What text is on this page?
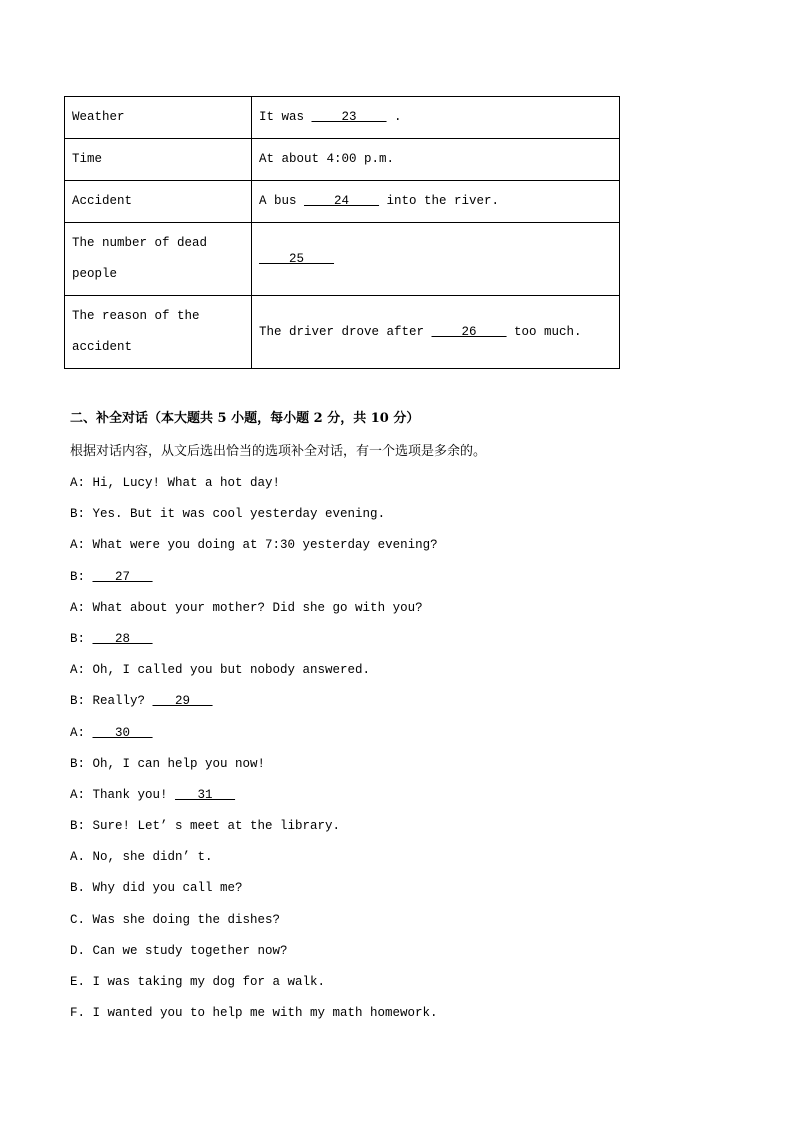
Weather	It was ____23____ .
Time	At about 4:00 p.m.
Accident	A bus ____24____ into the river.
The number of dead people	____25____
The reason of the accident	The driver drove after ____26____ too much.
二、补全对话（本大题共 5 小题，每小题 2 分，共 10 分）
根据对话内容，从文后选出恰当的选项补全对话，有一个选项是多余的。
A: Hi, Lucy! What a hot day!
B: Yes. But it was cool yesterday evening.
A: What were you doing at 7:30 yesterday evening?
B: ___27___
A: What about your mother? Did she go with you?
B: ___28___
A: Oh, I called you but nobody answered.
B: Really? ___29___
A: ___30___
B: Oh, I can help you now!
A: Thank you! ___31___
B: Sure! Let’ s meet at the library.
A. No, she didn’ t.
B. Why did you call me?
C. Was she doing the dishes?
D. Can we study together now?
E. I was taking my dog for a walk.
F. I wanted you to help me with my math homework.
